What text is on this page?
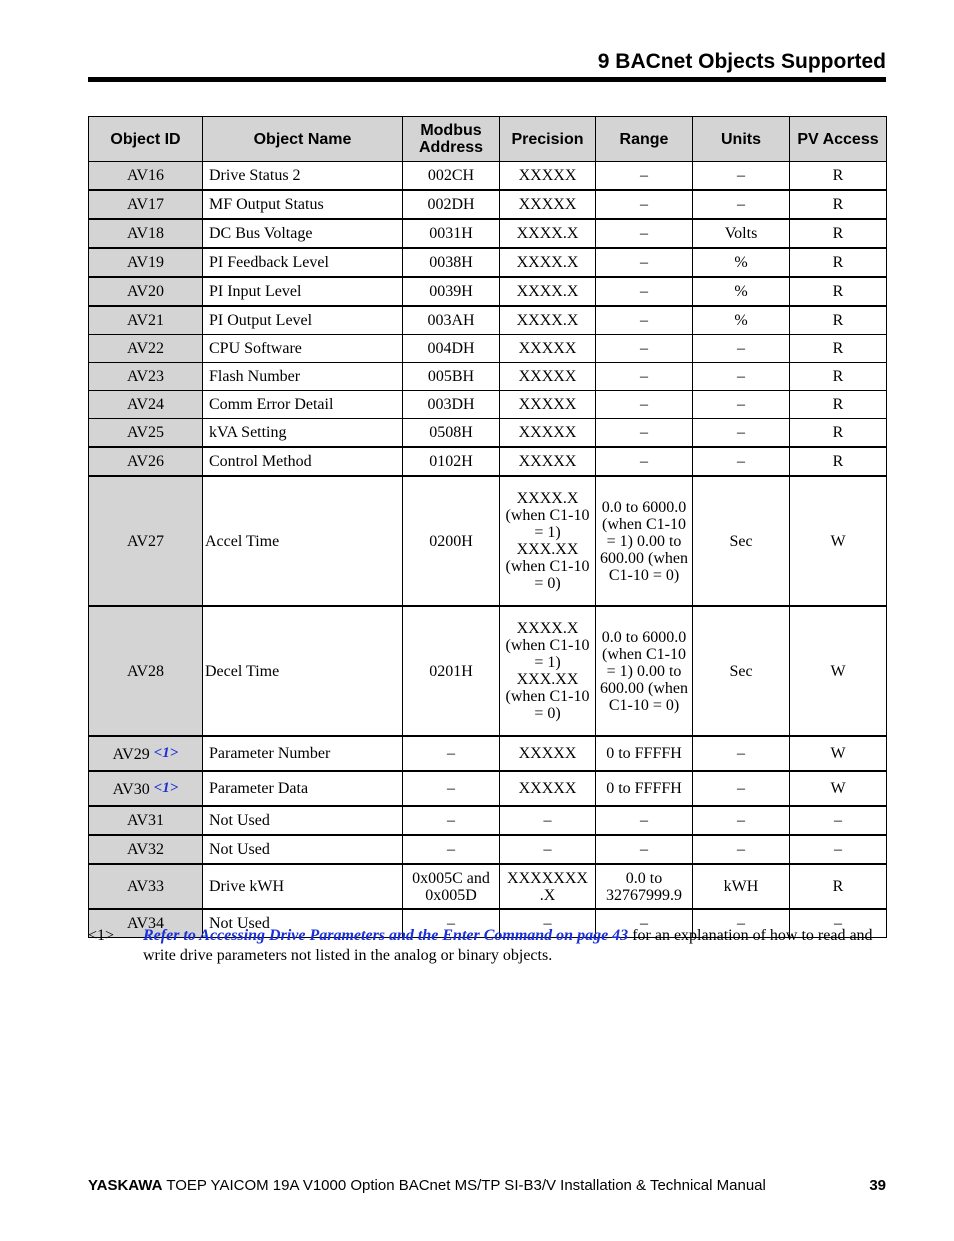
9 BACnet Objects Supported
Object ID	Object Name	Modbus Address	Precision	Range	Units	PV Access
AV16	Drive Status 2	002CH	XXXXX	–	–	R
AV17	MF Output Status	002DH	XXXXX	–	–	R
AV18	DC Bus Voltage	0031H	XXXX.X	–	Volts	R
AV19	PI Feedback Level	0038H	XXXX.X	–	%	R
AV20	PI Input Level	0039H	XXXX.X	–	%	R
AV21	PI Output Level	003AH	XXXX.X	–	%	R
AV22	CPU Software	004DH	XXXXX	–	–	R
AV23	Flash Number	005BH	XXXXX	–	–	R
AV24	Comm Error Detail	003DH	XXXXX	–	–	R
AV25	kVA Setting	0508H	XXXXX	–	–	R
AV26	Control Method	0102H	XXXXX	–	–	R
AV27	Accel Time	0200H	XXXX.X (when C1-10 = 1) XXX.XX (when C1-10 = 0)	0.0 to 6000.0 (when C1-10 = 1) 0.00 to 600.00 (when C1-10 = 0)	Sec	W
AV28	Decel Time	0201H	XXXX.X (when C1-10 = 1) XXX.XX (when C1-10 = 0)	0.0 to 6000.0 (when C1-10 = 1) 0.00 to 600.00 (when C1-10 = 0)	Sec	W
AV29 <1>	Parameter Number	–	XXXXX	0 to FFFFH	–	W
AV30 <1>	Parameter Data	–	XXXXX	0 to FFFFH	–	W
AV31	Not Used	–	–	–	–	–
AV32	Not Used	–	–	–	–	–
AV33	Drive kWH	0x005C and 0x005D	XXXXXXX .X	0.0 to 32767999.9	kWH	R
AV34	Not Used	–	–	–	–	–
<1> Refer to Accessing Drive Parameters and the Enter Command on page 43 for an explanation of how to read and write drive parameters not listed in the analog or binary objects.
YASKAWA TOEP YAICOM 19A V1000 Option BACnet MS/TP SI-B3/V Installation & Technical Manual	39
